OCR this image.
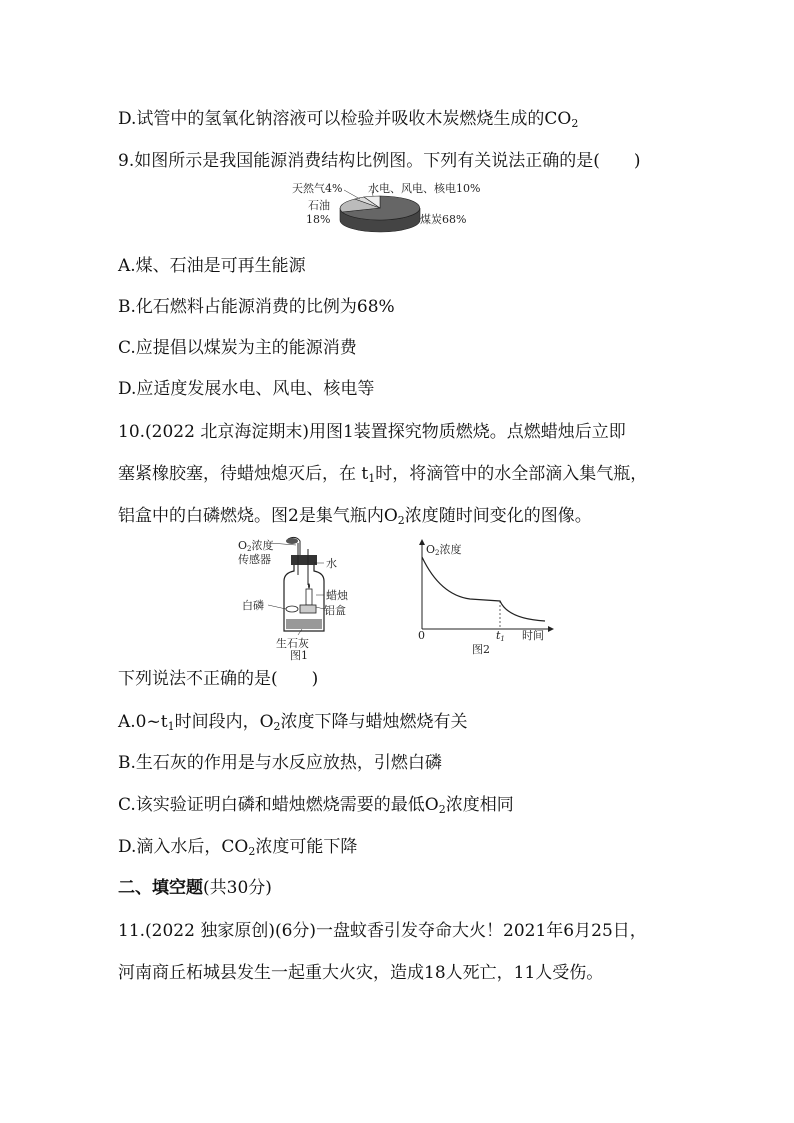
D.试管中的氢氧化钠溶液可以检验并吸收木炭燃烧生成的$CO_2$
9.如图所示是我国能源消费结构比例图。下列有关说法正确的是(　　)
天然气4% 水电、风电、核电10%
石油
18%	煤炭68%
A.煤、石油是可再生能源
B.化石燃料占能源消费的比例为68%
C.应提倡以煤炭为主的能源消费
D.应适度发展水电、风电、核电等
10.(2022 北京海淀期末)用图1装置探究物质燃烧。点燃蜡烛后立即
塞紧橡胶塞，待蜡烛熄灭后，在 $t_1$时，将滴管中的水全部滴入集气瓶，
铝盒中的白磷燃烧。图2是集气瓶内$O_2$浓度随时间变化的图像。
O2浓度
传感器	水
蜡烛
白磷	铝盒
生石灰
图1
O2浓度
0	t1 时间
图2
下列说法不正确的是(　　)
$A.0\sim t_1$时间段内，$O_2$浓度下降与蜡烛燃烧有关
B.生石灰的作用是与水反应放热，引燃白磷
C.该实验证明白磷和蜡烛燃烧需要的最低$O_2$浓度相同
D.滴入水后，$CO_2$浓度可能下降
二、填空题(共30分)
11.(2022 独家原创)(6分)一盘蚊香引发夺命大火！2021年6月25日，
河南商丘柘城县发生一起重大火灾，造成18人死亡，11人受伤。
